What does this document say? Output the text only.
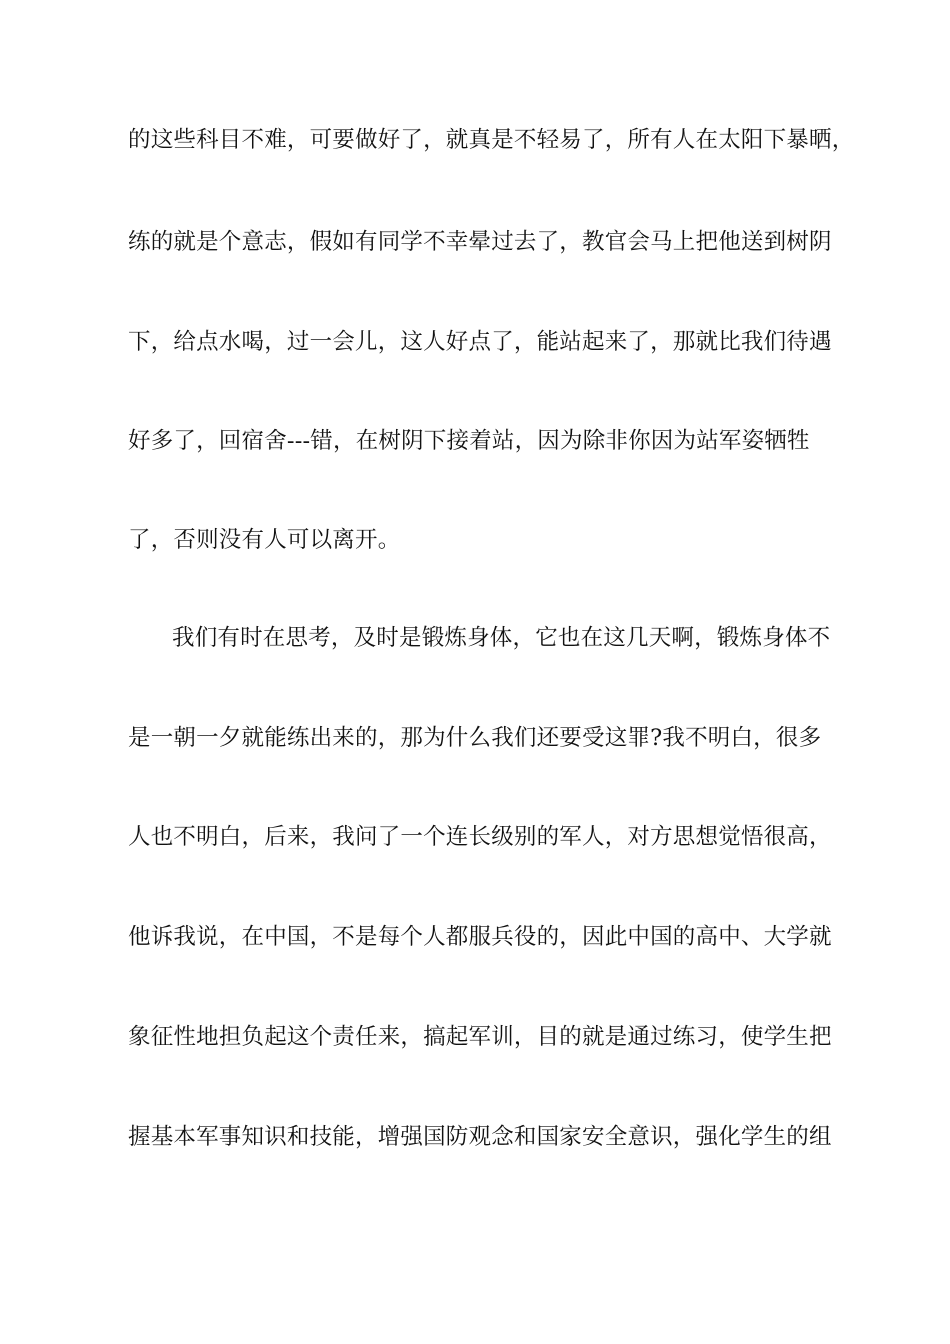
的这些科目不难，可要做好了，就真是不轻易了，所有人在太阳下暴晒，
练的就是个意志，假如有同学不幸晕过去了，教官会马上把他送到树阴
下，给点水喝，过一会儿，这人好点了，能站起来了，那就比我们待遇
好多了，回宿舍---错，在树阴下接着站，因为除非你因为站军姿牺牲
了，否则没有人可以离开。
我们有时在思考，及时是锻炼身体，它也在这几天啊，锻炼身体不
是一朝一夕就能练出来的，那为什么我们还要受这罪?我不明白，很多
人也不明白，后来，我问了一个连长级别的军人，对方思想觉悟很高，
他诉我说，在中国，不是每个人都服兵役的，因此中国的高中、大学就
象征性地担负起这个责任来，搞起军训，目的就是通过练习，使学生把
握基本军事知识和技能，增强国防观念和国家安全意识，强化学生的组
